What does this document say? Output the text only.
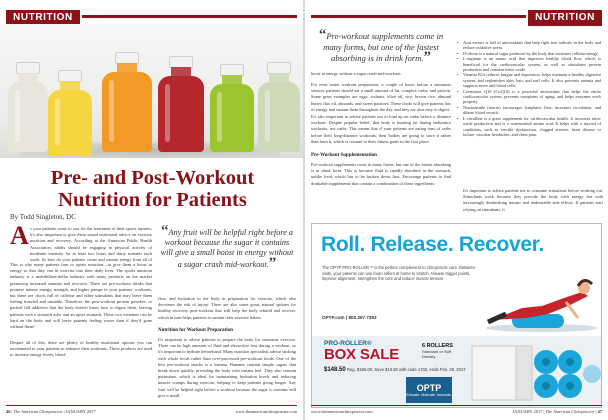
NUTRITION
Pre- and Post-Workout Nutrition for Patients
By Todd Singleton, DC
A s your patients come to you for the treatment of their sports injuries, it's also important to give them sound nutritional advice on exercise nutrition and recovery. According to the American Public Health Association, adults should be engaging in physical activity of moderate intensity for at least two hours and thirty minutes each week. So how do your patients create and sustain energy from all of
This is why many patients turn to sports nutrition—to give them a boost in energy so that they can fit exercise into their daily lives. The sports nutrition industry is a multibillion-dollar industry with many products on the market promising increased stamina and recovery. There are pre-workout drinks that promise intense energy, strength, and higher pumps in your patients' workouts, but these are chock full of caffeine and other stimulants that may leave them feeling frazzled and unstable. Therefore, the post-workout protein powders, or packed full additives that the body doesn't know how to digest them, leaving patients with a stomach ache and an upset stomach. These two extremes can be hard on the body and will leave patients feeling worse than if they'd gone without them!
Despite all of this, there are plenty of healthy nutritional options you can recommend to your patients to enhance their workouts. These products are used to increase energy levels, blood
“Any fruit will be helpful right before a workout because the sugar it contains will give a small boost in energy without a sugar crash mid-workout.”
flow, and hydration to the body in preparation for exercise, which also decreases the risk of injury. There are also some great, natural options for healthy recovery post-workout that will help the body rebuild and recover, which in turn helps patients to sustain their exercise habits.
Nutrition for Workout Preparation
It's important to advise patients to prepare the body for strenuous exercise. There can be high amounts of fluid and electrolyte loss during a workout, so it's important to hydrate beforehand. Many nutrition specialists advise sticking with whole foods rather than over-processed pre-workout foods. One of the best pre-workout snacks is a banana. Bananas contain simple sugars that break down quickly, providing the body with instant fuel. They also contain potassium, which is ideal for maintaining hydration levels and reducing muscle cramps during exercise, helping to keep patients going longer. Any fruit will be helpful right before a workout because the sugar it contains will give a small
46 | The American Chiropractor | JANUARY 2017	www.theamericanchiropractor.com
NUTRITION
“Pre-workout supplements come in many forms, but one of the fastest absorbing is in drink form.”
boost in energy without a sugar crash mid-workout.
For even better workout preparation, a couple of hours before a strenuous session, patients should eat a small amount of fat, complex carbs, and protein. Some great examples are eggs, walnuts, olive oil, rice, brown rice, almond butter, flax oil, almonds, and sweet potatoes. These foods will give patients lots of energy and sustain them throughout the day, and they are also easy to digest.
It's also important to advise patients not to load up on carbs before a distance workout. Despite popular belief, that body is burning fat during endurance workouts, not carbs. This means that if your patients are eating tons of carbs before their long-distance workouts, their bodies are going to store it rather than burn it, which is counter to their fitness goals in the first place.
Pre-Workout Supplementation
Pre-workout supplements come in many forms, but one of the fastest absorbing is in drink form. This is because fluid is rapidly absorbed in the stomach, unlike food, which has to be broken down first. Encourage patients to find drinkable supplements that contain a combination of these ingredients:
• Acai extract is full of antioxidants that help fight free radicals in the body and reduce oxidative stress.
• D-ribose is a natural sugar produced by the body that increases cellular energy.
• L-arginine is an amino acid that improves healthy blood flow, which is beneficial for the cardiovascular system, as well as stimulates protein production and contains nitric oxide.
• Vitamin B12 reduces fatigue and depression, helps maintain a healthy digestive system, and replenishes skin, hair, and nail cells. It also prevents anemia and supports nerve and blood cells.
• Coenzyme Q10 (CoQ10) is a powerful antioxidant that helps the entire cardiovascular system, prevents symptoms of aging, and helps enzymes work properly.
• Niacinamide (niacin) encourages lymphatic flow, increases circulation, and dilates blood vessels.
• L-citrulline is a great supplement for cardiovascular health. It increases nitric oxide production and is a nonessential amino acid. It helps with a myriad of conditions, such as erectile dysfunction, clogged arteries, heart disease or failure, vascular headaches, and chest pain.
It's important to advise patients not to consume stimulants before working out. Stimulants work because they provide the body with energy but with increasingly diminishing returns and undesirable side effects. If patients start relying on stimulants, it
Roll. Release. Recover.
The OPTP PRO-ROLLER™ is the perfect complement to chiropractic care. Between visits, your patients can use foam rollers at home to stretch, release trigger points, improve alignment, strengthen the core and reduce muscle tension.
OPTP.com | 800.367.7393
PRO-ROLLER®
BOX SALE
$148.50 Reg. $165.00, Save $16.50 with code 1702, ends Feb. 28, 2017
6 ROLLERS
Standard or Soft Density
OPTP
Educate. Motivate. Innovate.
www.theamericanchiropractor.com	JANUARY 2017 | The American Chiropractor | 47
